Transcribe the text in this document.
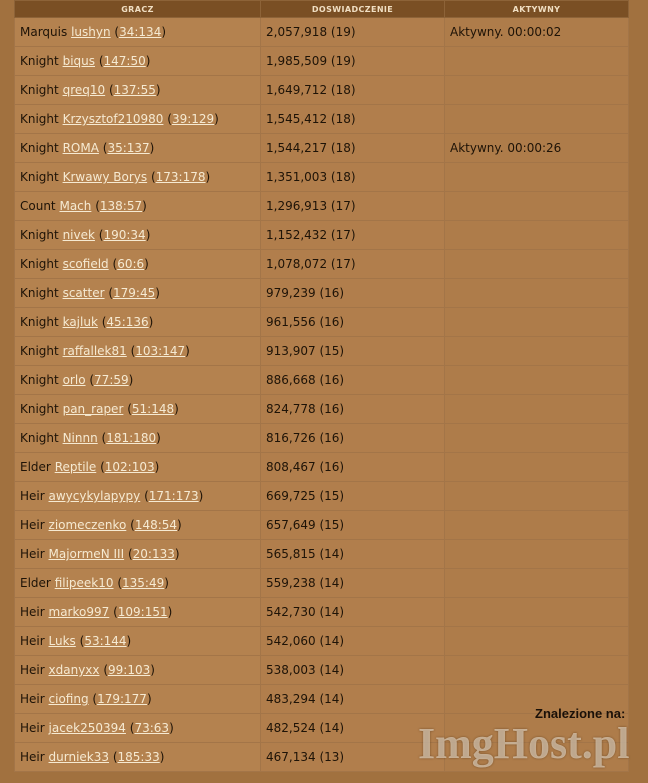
GRACZ	DOSWIADCZENIE	AKTYWNY
Marquis lushyn (34:134)	2,057,918 (19)	Aktywny. 00:00:02
Knight biqus (147:50)	1,985,509 (19)	
Knight qreq10 (137:55)	1,649,712 (18)	
Knight Krzysztof210980 (39:129)	1,545,412 (18)	
Knight ROMA (35:137)	1,544,217 (18)	Aktywny. 00:00:26
Knight Krwawy Borys (173:178)	1,351,003 (18)	
Count Mach (138:57)	1,296,913 (17)	
Knight nivek (190:34)	1,152,432 (17)	
Knight scofield (60:6)	1,078,072 (17)	
Knight scatter (179:45)	979,239 (16)	
Knight kajluk (45:136)	961,556 (16)	
Knight raffallek81 (103:147)	913,907 (15)	
Knight orlo (77:59)	886,668 (16)	
Knight pan_raper (51:148)	824,778 (16)	
Knight Ninnn (181:180)	816,726 (16)	
Elder Reptile (102:103)	808,467 (16)	
Heir awycykylapypy (171:173)	669,725 (15)	
Heir ziomeczenko (148:54)	657,649 (15)	
Heir MajormeN III (20:133)	565,815 (14)	
Elder filipeek10 (135:49)	559,238 (14)	
Heir marko997 (109:151)	542,730 (14)	
Heir Luks (53:144)	542,060 (14)	
Heir xdanyxx (99:103)	538,003 (14)	
Heir ciofing (179:177)	483,294 (14)	
Heir jacek250394 (73:63)	482,524 (14)	
Heir durniek33 (185:33)	467,134 (13)	
Znalezione na:
ImgHost.pl
